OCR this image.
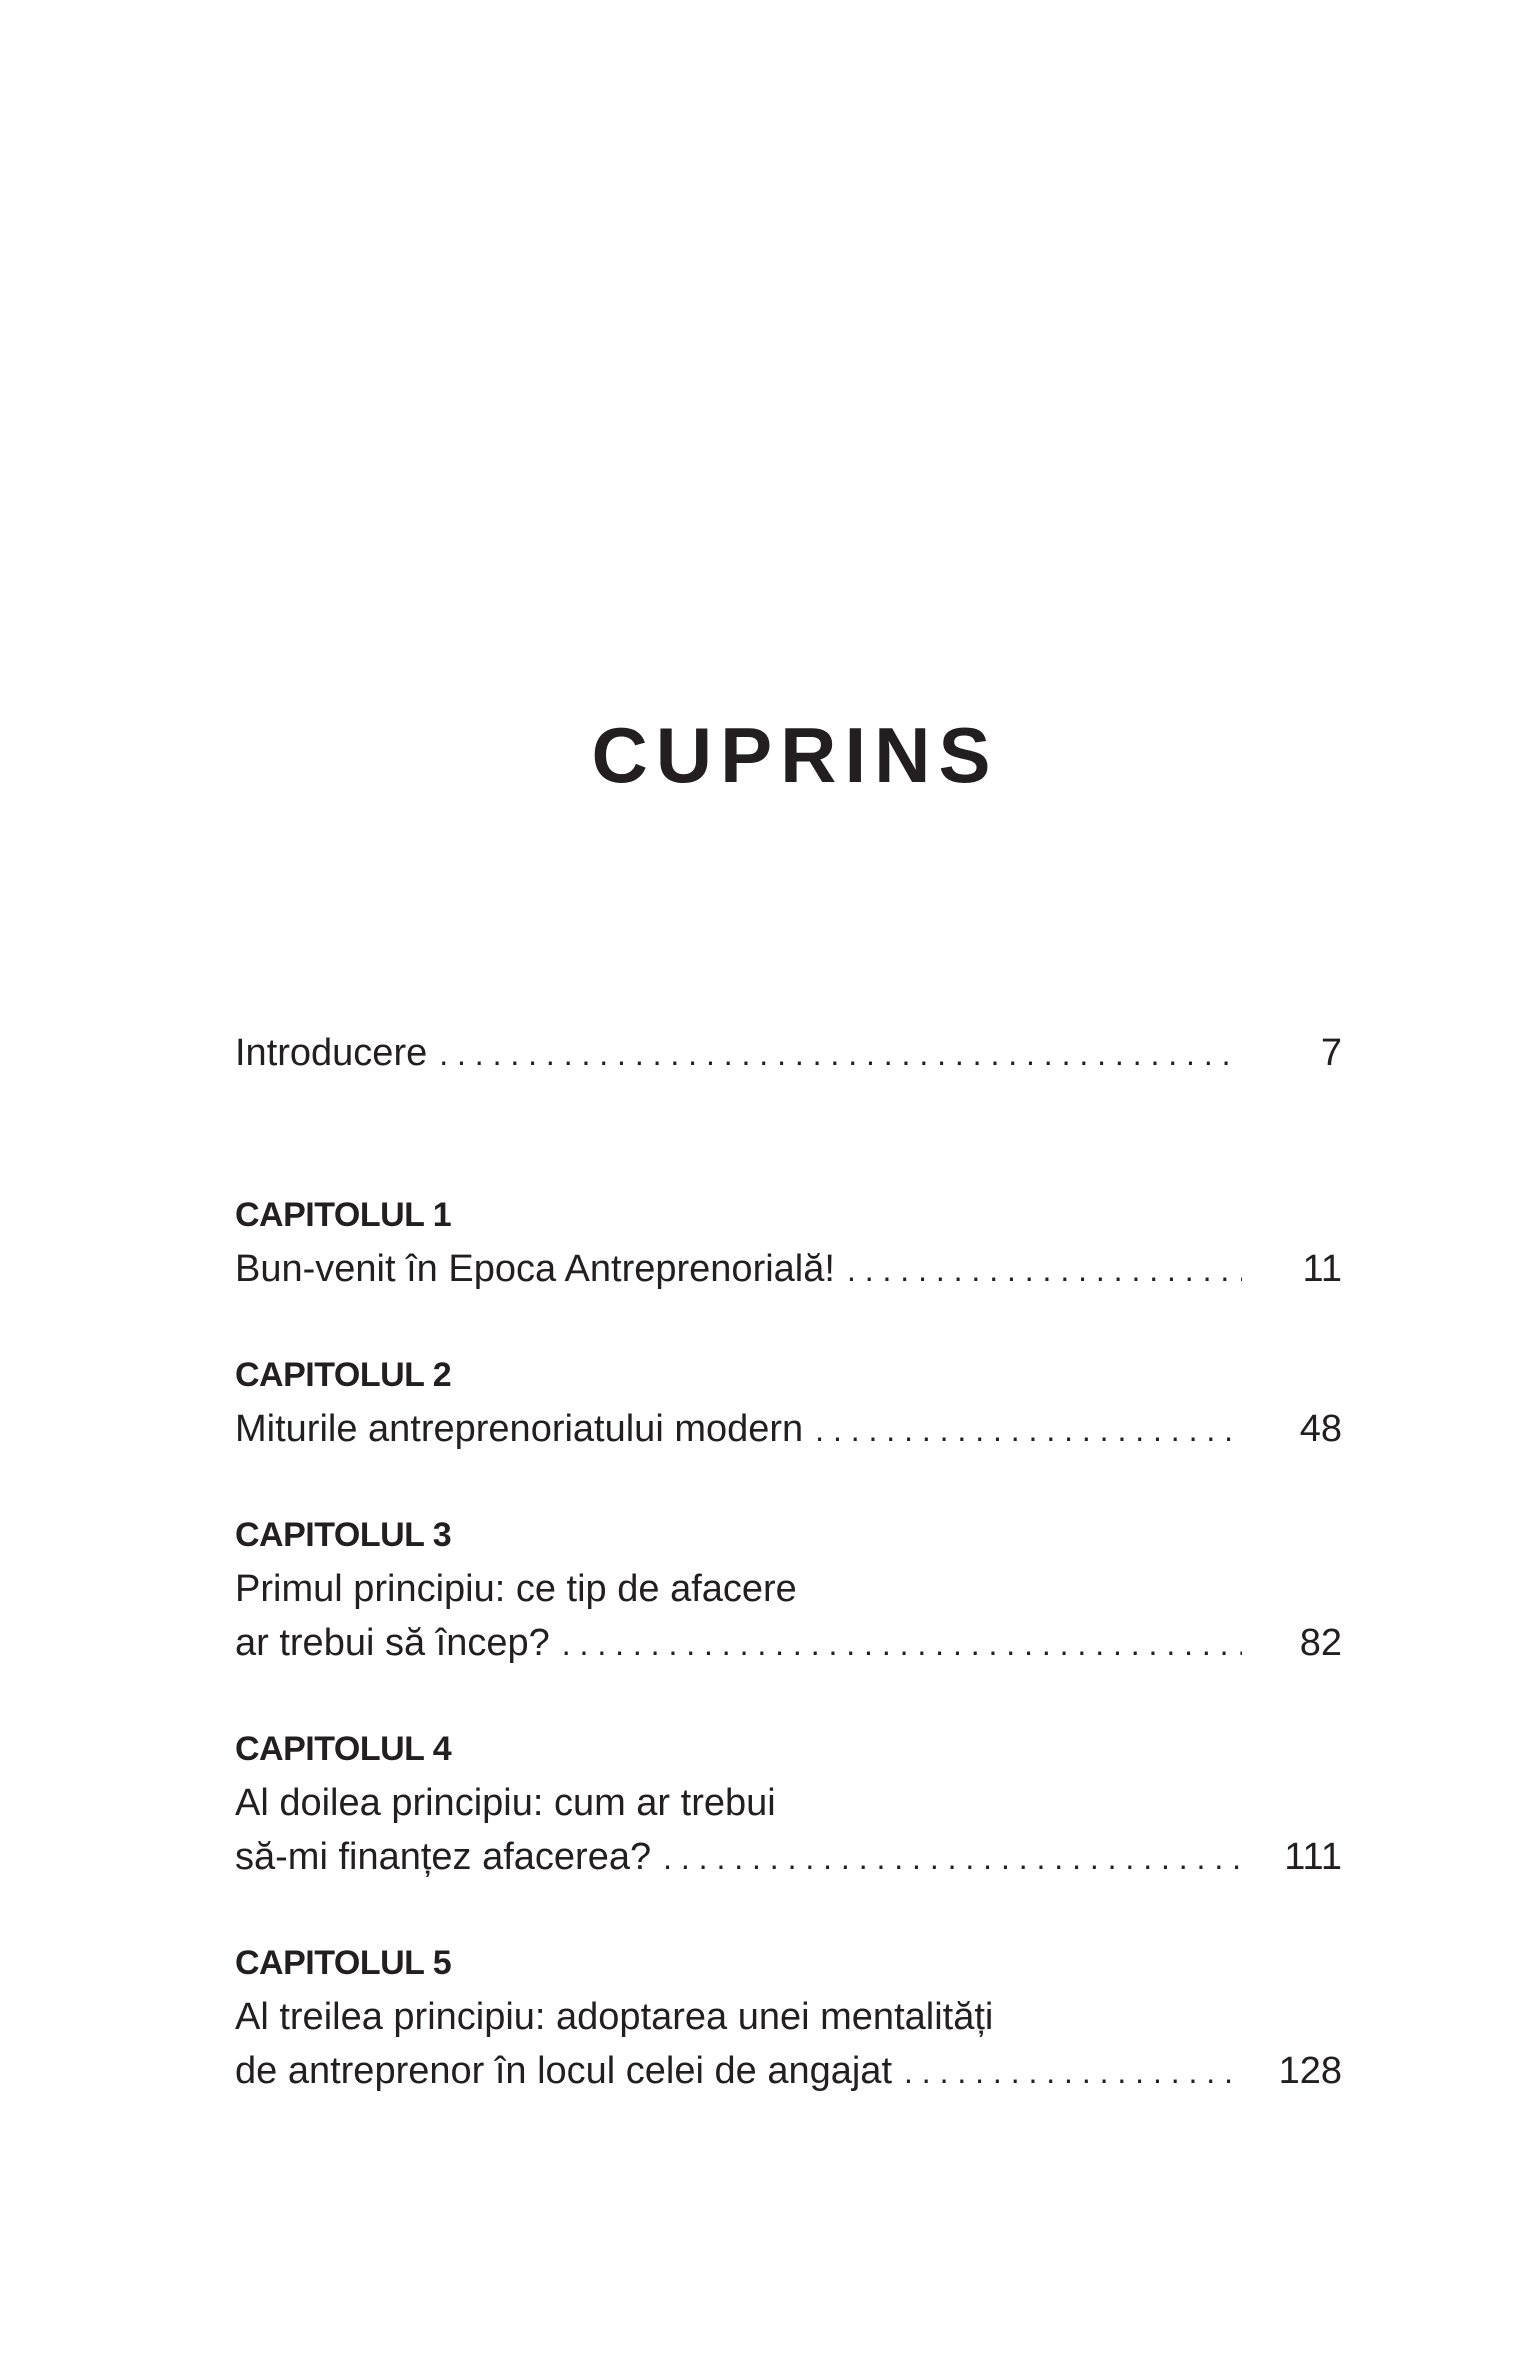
CUPRINS
Introducere . . .	7
CAPITOLUL 1
Bun-venit în Epoca Antreprenorială! . . .	11
CAPITOLUL 2
Miturile antreprenoriatului modern . . .	48
CAPITOLUL 3
Primul principiu: ce tip de afacere
ar trebui să încep? . . .	82
CAPITOLUL 4
Al doilea principiu: cum ar trebui
să-mi finanțez afacerea? . . .	111
CAPITOLUL 5
Al treilea principiu: adoptarea unei mentalități
de antreprenor în locul celei de angajat . . .	128
